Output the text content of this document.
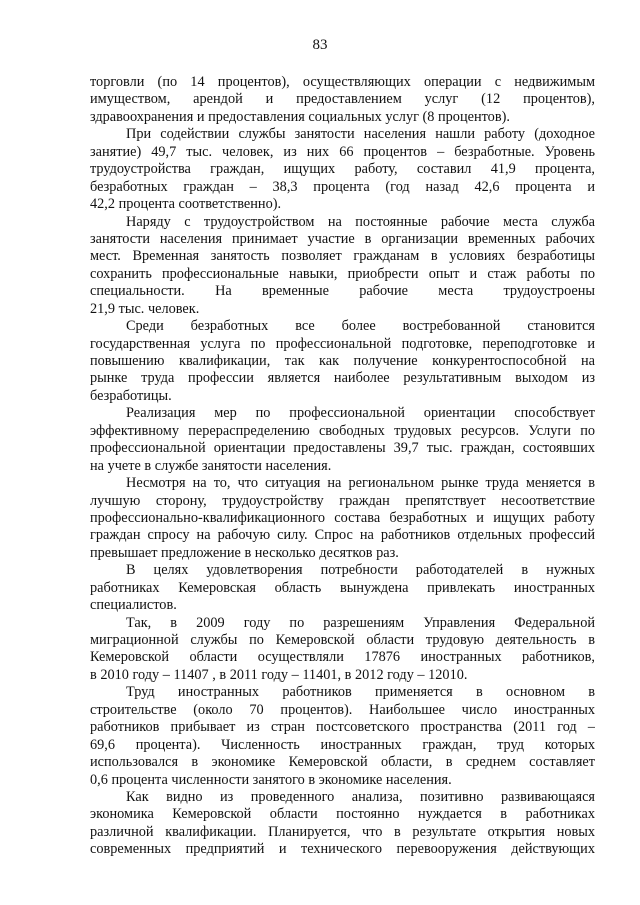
83
торговли (по 14 процентов), осуществляющих операции с недвижимым
имуществом, арендой и предоставлением услуг (12 процентов),
здравоохранения и предоставления социальных услуг (8 процентов).
При содействии службы занятости населения нашли работу (доходное
занятие) 49,7 тыс. человек, из них 66 процентов – безработные. Уровень
трудоустройства граждан, ищущих работу, составил 41,9 процента,
безработных граждан – 38,3 процента (год назад 42,6 процента и
42,2 процента соответственно).
Наряду с трудоустройством на постоянные рабочие места служба
занятости населения принимает участие в организации временных рабочих
мест. Временная занятость позволяет гражданам в условиях безработицы
сохранить профессиональные навыки, приобрести опыт и стаж работы по
специальности. На временные рабочие места трудоустроены
21,9 тыс. человек.
Среди безработных все более востребованной становится
государственная услуга по профессиональной подготовке, переподготовке и
повышению квалификации, так как получение конкурентоспособной на
рынке труда профессии является наиболее результативным выходом из
безработицы.
Реализация мер по профессиональной ориентации способствует
эффективному перераспределению свободных трудовых ресурсов. Услуги по
профессиональной ориентации предоставлены 39,7 тыс. граждан, состоявших
на учете в службе занятости населения.
Несмотря на то, что ситуация на региональном рынке труда меняется в
лучшую сторону, трудоустройству граждан препятствует несоответствие
профессионально-квалификационного состава безработных и ищущих работу
граждан спросу на рабочую силу. Спрос на работников отдельных профессий
превышает предложение в несколько десятков раз.
В целях удовлетворения потребности работодателей в нужных
работниках Кемеровская область вынуждена привлекать иностранных
специалистов.
Так, в 2009 году по разрешениям Управления Федеральной
миграционной службы по Кемеровской области трудовую деятельность в
Кемеровской области осуществляли 17876 иностранных работников,
в 2010 году – 11407 , в 2011 году – 11401, в 2012 году – 12010.
Труд иностранных работников применяется в основном в
строительстве (около 70 процентов). Наибольшее число иностранных
работников прибывает из стран постсоветского пространства (2011 год –
69,6 процента). Численность иностранных граждан, труд которых
использовался в экономике Кемеровской области, в среднем составляет
0,6 процента численности занятого в экономике населения.
Как видно из проведенного анализа, позитивно развивающаяся
экономика Кемеровской области постоянно нуждается в работниках
различной квалификации. Планируется, что в результате открытия новых
современных предприятий и технического перевооружения действующих
